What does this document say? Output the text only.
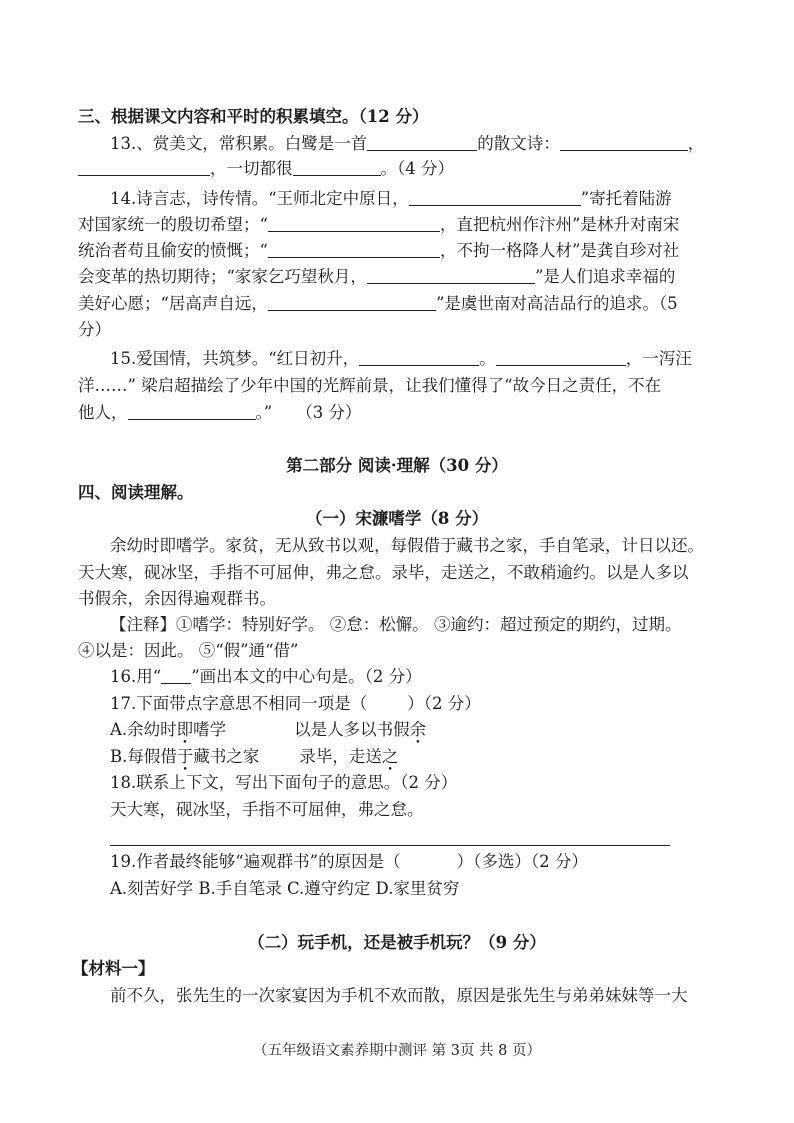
三、根据课文内容和平时的积累填空。（12 分）
13.、赏美文，常积累。白鹭是一首	的散文诗：	，
，一切都很	。（4 分）
14.诗言志，诗传情。“王师北定中原日，	”寄托着陆游
对国家统一的殷切希望；“	，直把杭州作汴州”是林升对南宋
统治者苟且偷安的愤慨；“	，不拘一格降人材”是龚自珍对社
会变革的热切期待；“家家乞巧望秋月，	”是人们追求幸福的
美好心愿；“居高声自远，	”是虞世南对高洁品行的追求。（5
分）
15.爱国情，共筑梦。“红日初升，	。	，一泻汪
洋……” 梁启超描绘了少年中国的光辉前景，让我们懂得了“故今日之责任，不在
他人，	。” （3 分）
第二部分 阅读·理解（30 分）
四、阅读理解。
（一）宋濂嗜学（8 分）
余幼时即嗜学。家贫，无从致书以观，每假借于藏书之家，手自笔录，计日以还。
天大寒，砚冰坚，手指不可屈伸，弗之怠。录毕，走送之，不敢稍逾约。以是人多以
书假余，余因得遍观群书。
【注释】①嗜学：特别好学。 ②怠：松懈。 ③逾约：超过预定的期约，过期。
④以是：因此。 ⑤“假”通“借”
16.用“ ”画出本文的中心句是。（2 分）
17.下面带点字意思不相同一项是（ ）（2 分）
A.余幼时即嗜学	以是人多以书假余
B.每假借于藏书之家 录毕，走送之
18.联系上下文，写出下面句子的意思。（2 分）
天大寒，砚冰坚，手指不可屈伸，弗之怠。
19.作者最终能够“遍观群书”的原因是（	）（多选）（2 分）
A.刻苦好学 B.手自笔录 C.遵守约定 D.家里贫穷
（二）玩手机，还是被手机玩？（9 分）
【材料一】
前不久，张先生的一次家宴因为手机不欢而散，原因是张先生与弟弟妹妹等一大
（五年级语文素养期中测评 第 3页 共 8 页）
